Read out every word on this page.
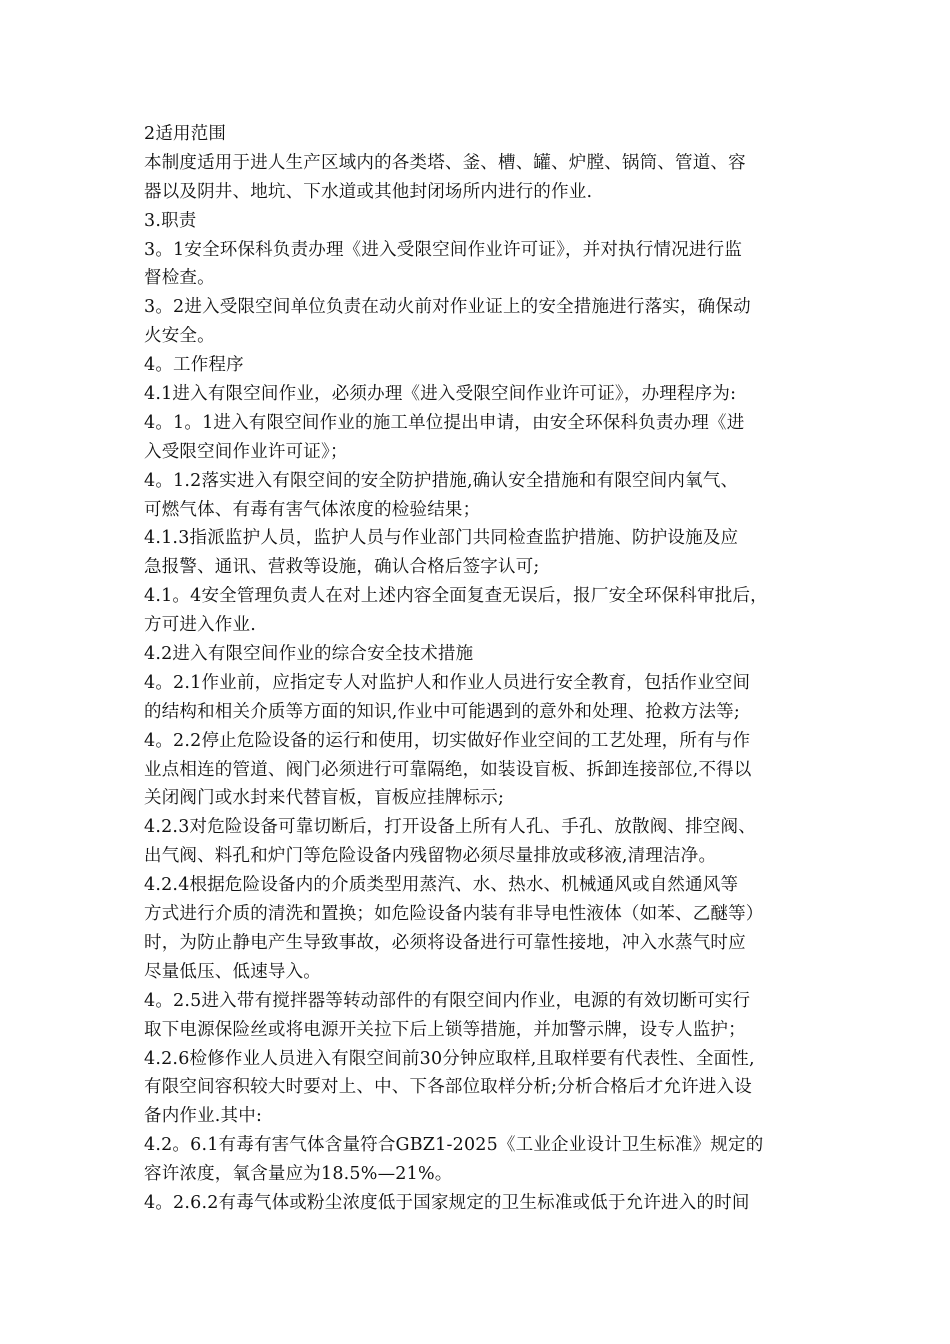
2适用范围
本制度适用于进人生产区域内的各类塔、釜、槽、罐、炉膛、锅筒、管道、容
器以及阴井、地坑、下水道或其他封闭场所内进行的作业.
3.职责
3。1安全环保科负责办理《进入受限空间作业许可证》，并对执行情况进行监
督检查。
3。2进入受限空间单位负责在动火前对作业证上的安全措施进行落实，确保动
火安全。
4。工作程序
4.1进入有限空间作业，必须办理《进入受限空间作业许可证》，办理程序为:
4。1。1进入有限空间作业的施工单位提出申请，由安全环保科负责办理《进
入受限空间作业许可证》；
4。1.2落实进入有限空间的安全防护措施,确认安全措施和有限空间内氧气、
可燃气体、有毒有害气体浓度的检验结果；
4.1.3指派监护人员，监护人员与作业部门共同检查监护措施、防护设施及应
急报警、通讯、营救等设施，确认合格后签字认可;
4.1。4安全管理负责人在对上述内容全面复查无误后，报厂安全环保科审批后，
方可进入作业.
4.2进入有限空间作业的综合安全技术措施
4。2.1作业前，应指定专人对监护人和作业人员进行安全教育，包括作业空间
的结构和相关介质等方面的知识,作业中可能遇到的意外和处理、抢救方法等;
4。2.2停止危险设备的运行和使用，切实做好作业空间的工艺处理，所有与作
业点相连的管道、阀门必须进行可靠隔绝，如装设盲板、拆卸连接部位,不得以
关闭阀门或水封来代替盲板，盲板应挂牌标示;
4.2.3对危险设备可靠切断后，打开设备上所有人孔、手孔、放散阀、排空阀、
出气阀、料孔和炉门等危险设备内残留物必须尽量排放或移液,清理洁净。
4.2.4根据危险设备内的介质类型用蒸汽、水、热水、机械通风或自然通风等
方式进行介质的清洗和置换；如危险设备内装有非导电性液体（如苯、乙醚等）
时，为防止静电产生导致事故，必须将设备进行可靠性接地，冲入水蒸气时应
尽量低压、低速导入。
4。2.5进入带有搅拌器等转动部件的有限空间内作业，电源的有效切断可实行
取下电源保险丝或将电源开关拉下后上锁等措施，并加警示牌，设专人监护；
4.2.6检修作业人员进入有限空间前30分钟应取样,且取样要有代表性、全面性,
有限空间容积较大时要对上、中、下各部位取样分析;分析合格后才允许进入设
备内作业.其中:
4.2。6.1有毒有害气体含量符合GBZ1-2025《工业企业设计卫生标准》规定的
容许浓度，氧含量应为18.5%—21%。
4。2.6.2有毒气体或粉尘浓度低于国家规定的卫生标准或低于允许进入的时间
